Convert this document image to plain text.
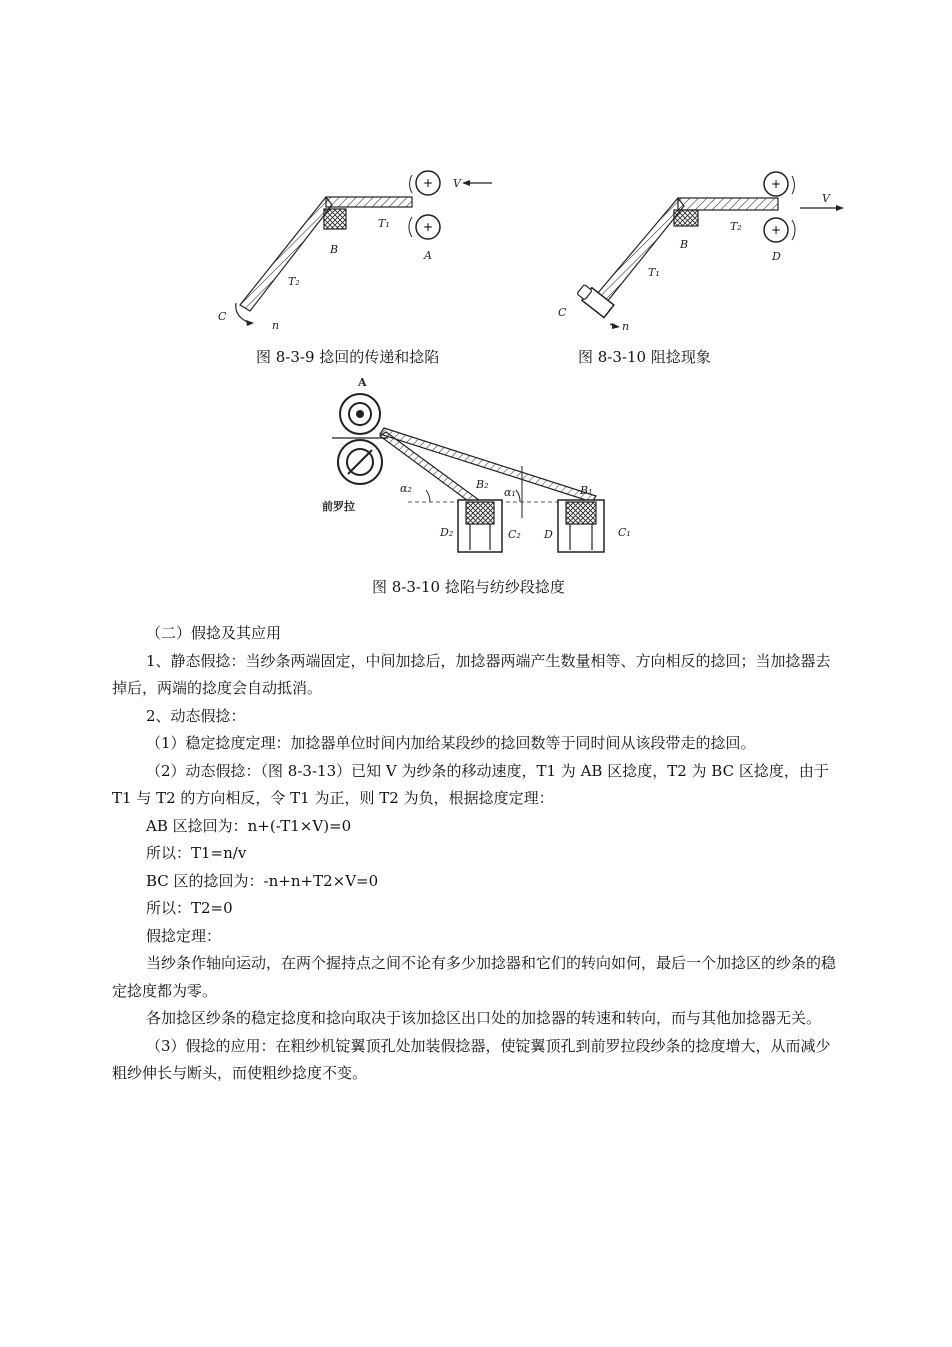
+
+
V
A
B
C
n
T₁
T₂
图 8-3-9 捻回的传递和捻陷
+
+
V
D
B
C
n
T₁
T₂
图 8-3-10 阻捻现象
A
前罗拉
α₂	α₁
B₂	B₁
D₂	C₂ D	C₁
图 8-3-10 捻陷与纺纱段捻度

（二）假捻及其应用

1、静态假捻：当纱条两端固定，中间加捻后，加捻器两端产生数量相等、方向相反的捻回；当加捻器去掉后，两端的捻度会自动抵消。

2、动态假捻：

（1）稳定捻度定理：加捻器单位时间内加给某段纱的捻回数等于同时间从该段带走的捻回。

（2）动态假捻：（图 8-3-13）已知 V 为纱条的移动速度，T1 为 AB 区捻度，T2 为 BC 区捻度，由于 T1 与 T2 的方向相反，令 T1 为正，则 T2 为负，根据捻度定理：

AB 区捻回为：n+(-T1×V)=0

所以：T1=n/v

BC 区的捻回为：-n+n+T2×V=0

所以：T2=0

假捻定理：

当纱条作轴向运动，在两个握持点之间不论有多少加捻器和它们的转向如何，最后一个加捻区的纱条的稳定捻度都为零。

各加捻区纱条的稳定捻度和捻向取决于该加捻区出口处的加捻器的转速和转向，而与其他加捻器无关。

（3）假捻的应用：在粗纱机锭翼顶孔处加装假捻器，使锭翼顶孔到前罗拉段纱条的捻度增大，从而减少粗纱伸长与断头，而使粗纱捻度不变。
